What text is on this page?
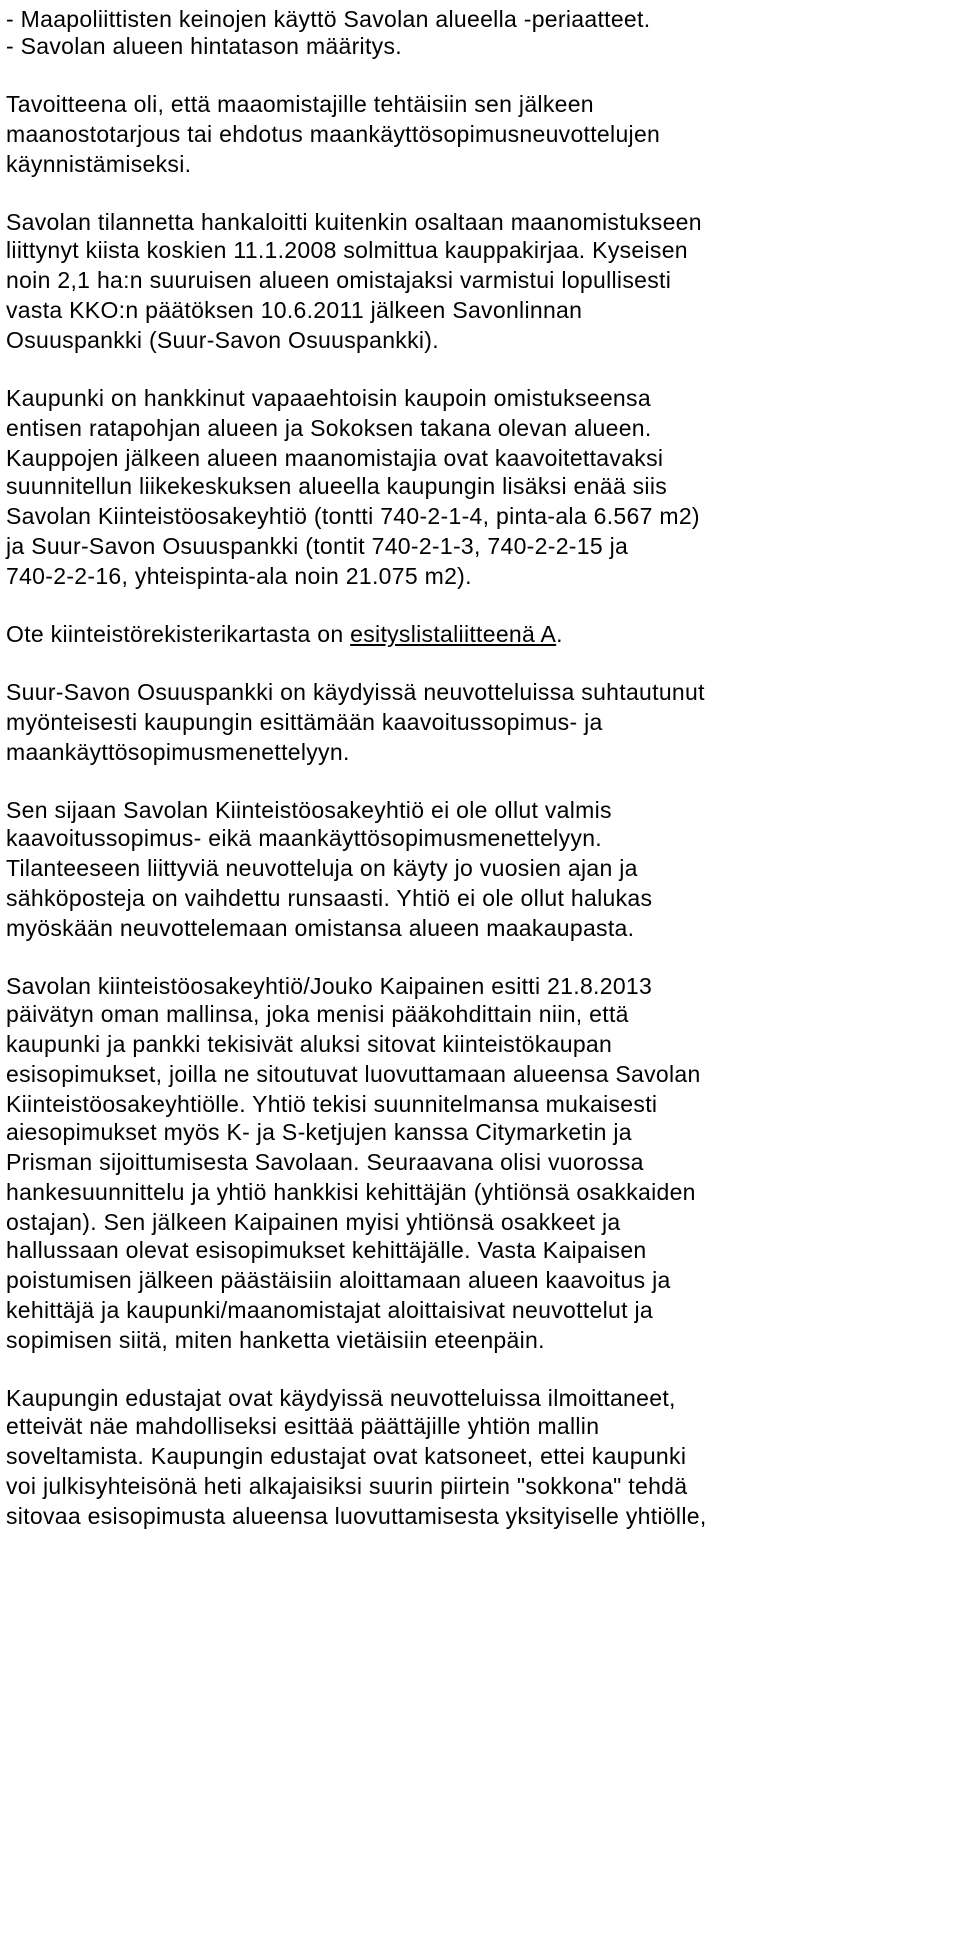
- Maapoliittisten keinojen käyttö Savolan alueella -periaatteet.
- Savolan alueen hintatason määritys.
Tavoitteena oli, että maaomistajille tehtäisiin sen jälkeen
maanostotarjous tai ehdotus maankäyttösopimusneuvottelujen
käynnistämiseksi.
Savolan tilannetta hankaloitti kuitenkin osaltaan maanomistukseen
liittynyt kiista koskien 11.1.2008 solmittua kauppakirjaa. Kyseisen
noin 2,1 ha:n suuruisen alueen omistajaksi varmistui lopullisesti
vasta KKO:n päätöksen 10.6.2011 jälkeen Savonlinnan
Osuuspankki (Suur-Savon Osuuspankki).
Kaupunki on hankkinut vapaaehtoisin kaupoin omistukseensa
entisen ratapohjan alueen ja Sokoksen takana olevan alueen.
Kauppojen jälkeen alueen maanomistajia ovat kaavoitettavaksi
suunnitellun liikekeskuksen alueella kaupungin lisäksi enää siis
Savolan Kiinteistöosakeyhtiö (tontti 740-2-1-4, pinta-ala 6.567 m2)
ja Suur-Savon Osuuspankki (tontit 740-2-1-3, 740-2-2-15 ja
740-2-2-16, yhteispinta-ala noin 21.075 m2).
Ote kiinteistörekisterikartasta on esityslistaliitteenä A.
Suur-Savon Osuuspankki on käydyissä neuvotteluissa suhtautunut
myönteisesti kaupungin esittämään kaavoitussopimus- ja
maankäyttösopimusmenettelyyn.
Sen sijaan Savolan Kiinteistöosakeyhtiö ei ole ollut valmis
kaavoitussopimus- eikä maankäyttösopimusmenettelyyn.
Tilanteeseen liittyviä neuvotteluja on käyty jo vuosien ajan ja
sähköposteja on vaihdettu runsaasti. Yhtiö ei ole ollut halukas
myöskään neuvottelemaan omistansa alueen maakaupasta.
Savolan kiinteistöosakeyhtiö/Jouko Kaipainen esitti 21.8.2013
päivätyn oman mallinsa, joka menisi pääkohdittain niin, että
kaupunki ja pankki tekisivät aluksi sitovat kiinteistökaupan
esisopimukset, joilla ne sitoutuvat luovuttamaan alueensa Savolan
Kiinteistöosakeyhtiölle. Yhtiö tekisi suunnitelmansa mukaisesti
aiesopimukset myös K- ja S-ketjujen kanssa Citymarketin ja
Prisman sijoittumisesta Savolaan. Seuraavana olisi vuorossa
hankesuunnittelu ja yhtiö hankkisi kehittäjän (yhtiönsä osakkaiden
ostajan). Sen jälkeen Kaipainen myisi yhtiönsä osakkeet ja
hallussaan olevat esisopimukset kehittäjälle. Vasta Kaipaisen
poistumisen jälkeen päästäisiin aloittamaan alueen kaavoitus ja
kehittäjä ja kaupunki/maanomistajat aloittaisivat neuvottelut ja
sopimisen siitä, miten hanketta vietäisiin eteenpäin.
Kaupungin edustajat ovat käydyissä neuvotteluissa ilmoittaneet,
etteivät näe mahdolliseksi esittää päättäjille yhtiön mallin
soveltamista. Kaupungin edustajat ovat katsoneet, ettei kaupunki
voi julkisyhteisönä heti alkajaisiksi suurin piirtein "sokkona" tehdä
sitovaa esisopimusta alueensa luovuttamisesta yksityiselle yhtiölle,
